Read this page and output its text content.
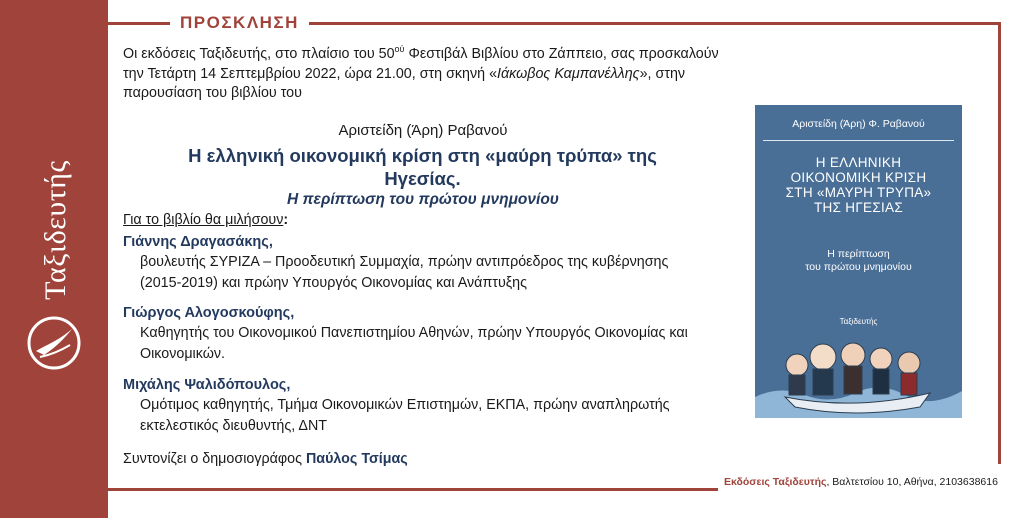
Ταξιδευτής
ΠΡΟΣΚΛΗΣΗ

Οι εκδόσεις Ταξιδευτής, στο πλαίσιο του $50^{oύ}$ Φεστιβάλ Βιβλίου στο Ζάππειο, σας προσκαλούν την Τετάρτη 14 Σεπτεμβρίου 2022, ώρα 21.00, στη σκηνή «Ιάκωβος Καμπανέλλης», στην παρουσίαση του βιβλίου του

Αριστείδη (Άρη) Ραβανού
Η ελληνική οικονομική κρίση στη «μαύρη τρύπα» της Ηγεσίας.
Η περίπτωση του πρώτου μνημονίου
Για το βιβλίο θα μιλήσουν:
Γιάννης Δραγασάκης,
βουλευτής ΣΥΡΙΖΑ – Προοδευτική Συμμαχία, πρώην αντιπρόεδρος της κυβέρνησης (2015-2019) και πρώην Υπουργός Οικονομίας και Ανάπτυξης
Γιώργος Αλογοσκούφης,
Καθηγητής του Οικονομικού Πανεπιστημίου Αθηνών, πρώην Υπουργός Οικονομίας και Οικονομικών.
Μιχάλης Ψαλιδόπουλος,
Ομότιμος καθηγητής, Τμήμα Οικονομικών Επιστημών, ΕΚΠΑ, πρώην αναπληρωτής εκτελεστικός διευθυντής, ΔΝΤ
Συντονίζει ο δημοσιογράφος Παύλος Τσίμας
Εκδόσεις Ταξιδευτής, Βαλτετσίου 10, Αθήνα, 2103638616
Αριστείδη (Άρη) Φ. Ραβανού
Η ΕΛΛΗΝΙΚΗ
ΟΙΚΟΝΟΜΙΚΗ ΚΡΙΣΗ
ΣΤΗ «ΜΑΥΡΗ ΤΡΥΠΑ»
ΤΗΣ ΗΓΕΣΙΑΣ
Η περίπτωση
του πρώτου μνημονίου
Ταξιδευτής
